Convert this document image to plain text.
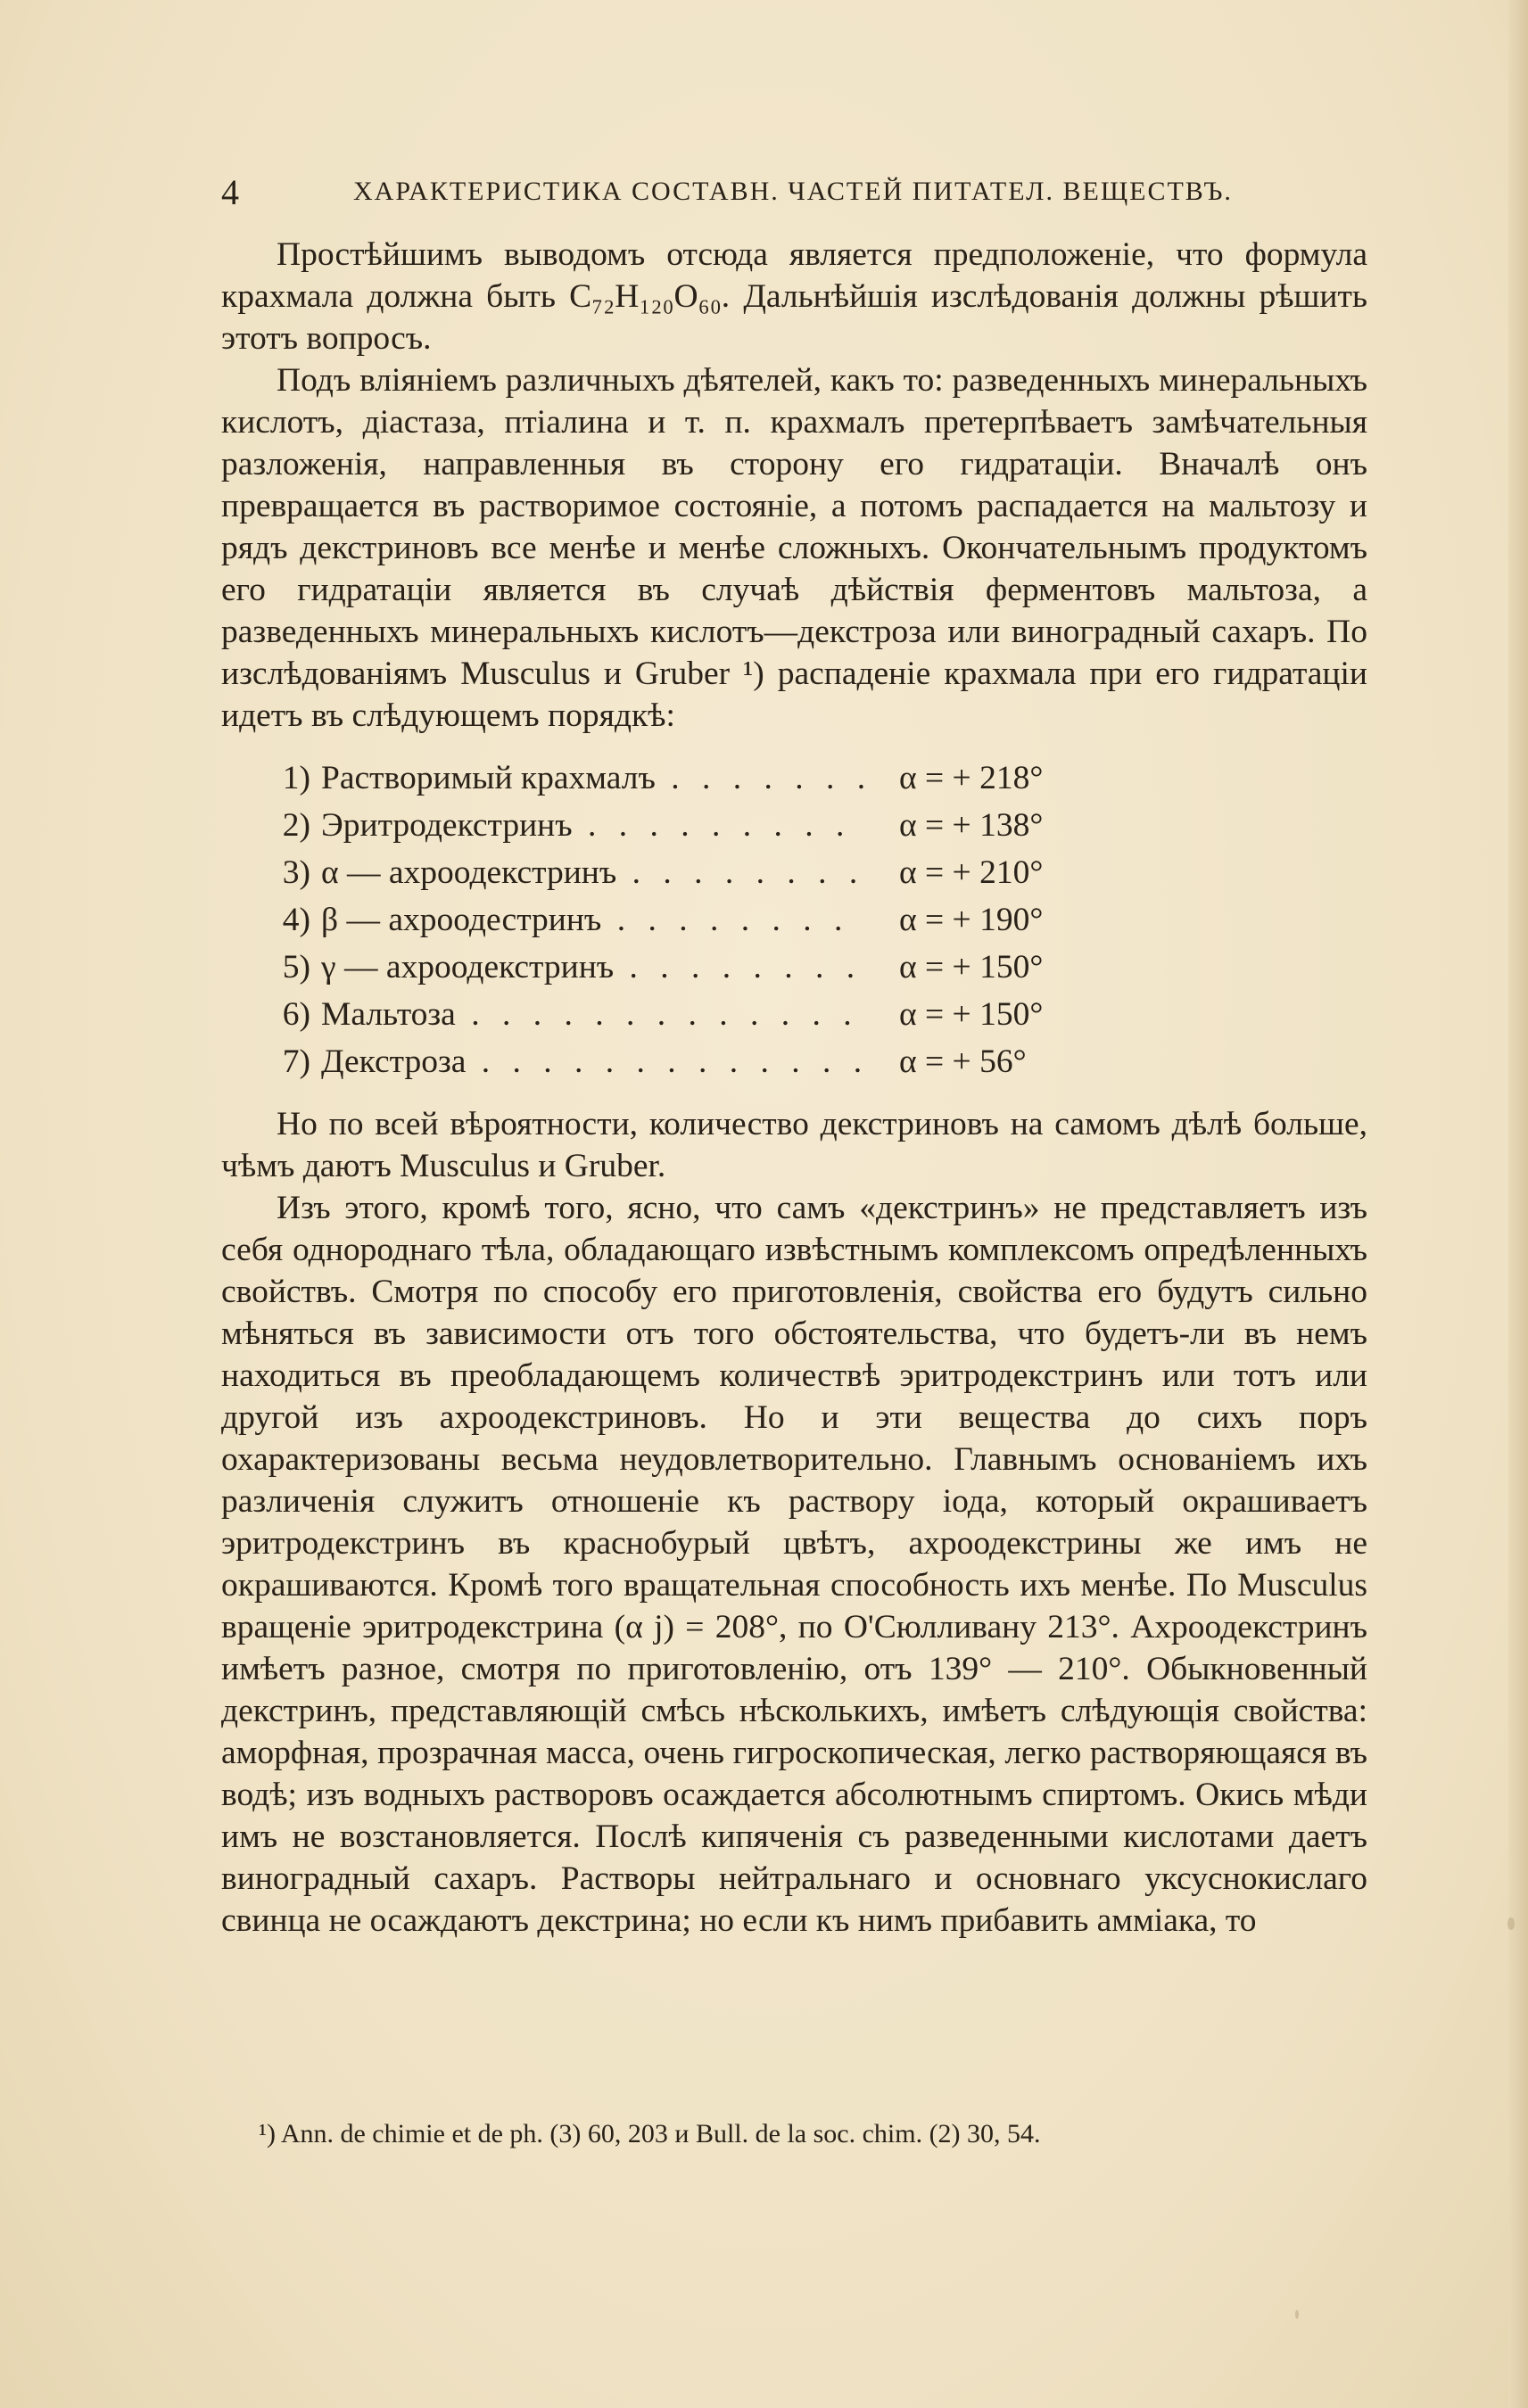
4	ХАРАКТЕРИСТИКА СОСТАВН. ЧАСТЕЙ ПИТАТЕЛ. ВЕЩЕСТВЪ.

Простѣйшимъ выводомъ отсюда является предположеніе, что формула крахмала должна быть C₇₂H₁₂₀O₆₀. Дальнѣйшія изслѣдованія должны рѣшить этотъ вопросъ.

Подъ вліяніемъ различныхъ дѣятелей, какъ то: разведенныхъ минеральныхъ кислотъ, діастаза, птіалина и т. п. крахмалъ претерпѣваетъ замѣчательныя разложенія, направленныя въ сторону его гидратаціи. Вначалѣ онъ превращается въ растворимое состояніе, а потомъ распадается на мальтозу и рядъ декстриновъ все менѣе и менѣе сложныхъ. Окончательнымъ продуктомъ его гидратаціи является въ случаѣ дѣйствія ферментовъ мальтоза, а разведенныхъ минеральныхъ кислотъ—декстроза или виноградный сахаръ. По изслѣдованіямъ Musculus и Gruber ¹) распаденіе крахмала при его гидратаціи идетъ въ слѣдующемъ порядкѣ:

1) Растворимый крахмалъ . . .	α = + 218°
2) Эритродекстринъ . . .	α = + 138°
3) α — ахроодекстринъ . . .	α = + 210°
4) β — ахроодестринъ . . .	α = + 190°
5) γ — ахроодекстринъ . . .	α = + 150°
6) Мальтоза . . .	α = + 150°
7) Декстроза . . .	α = + 56°

Но по всей вѣроятности, количество декстриновъ на самомъ дѣлѣ больше, чѣмъ даютъ Musculus и Gruber.

Изъ этого, кромѣ того, ясно, что самъ «декстринъ» не представляетъ изъ себя однороднаго тѣла, обладающаго извѣстнымъ комплексомъ опредѣленныхъ свойствъ. Смотря по способу его приготовленія, свойства его будутъ сильно мѣняться въ зависимости отъ того обстоятельства, что будетъ-ли въ немъ находиться въ преобладающемъ количествѣ эритродекстринъ или тотъ или другой изъ ахроодекстриновъ. Но и эти вещества до сихъ поръ охарактеризованы весьма неудовлетворительно. Главнымъ основаніемъ ихъ различенія служитъ отношеніе къ раствору іода, который окрашиваетъ эритродекстринъ въ краснобурый цвѣтъ, ахроодекстрины же имъ не окрашиваются. Кромѣ того вращательная способность ихъ менѣе. По Musculus вращеніе эритродекстрина (α j) = 208°, по О'Сюлливану 213°. Ахроодекстринъ имѣетъ разное, смотря по приготовленію, отъ 139° — 210°. Обыкновенный декстринъ, представляющій смѣсь нѣсколькихъ, имѣетъ слѣдующія свойства: аморфная, прозрачная масса, очень гигроскопическая, легко растворяющаяся въ водѣ; изъ водныхъ растворовъ осаждается абсолютнымъ спиртомъ. Окись мѣди имъ не возстановляется. Послѣ кипяченія съ разведенными кислотами даетъ виноградный сахаръ. Растворы нейтральнаго и основнаго уксуснокислаго свинца не осаждаютъ декстрина; но если къ нимъ прибавить амміака, то

¹) Ann. de chimie et de ph. (3) 60, 203 и Bull. de la soc. chim. (2) 30, 54.
